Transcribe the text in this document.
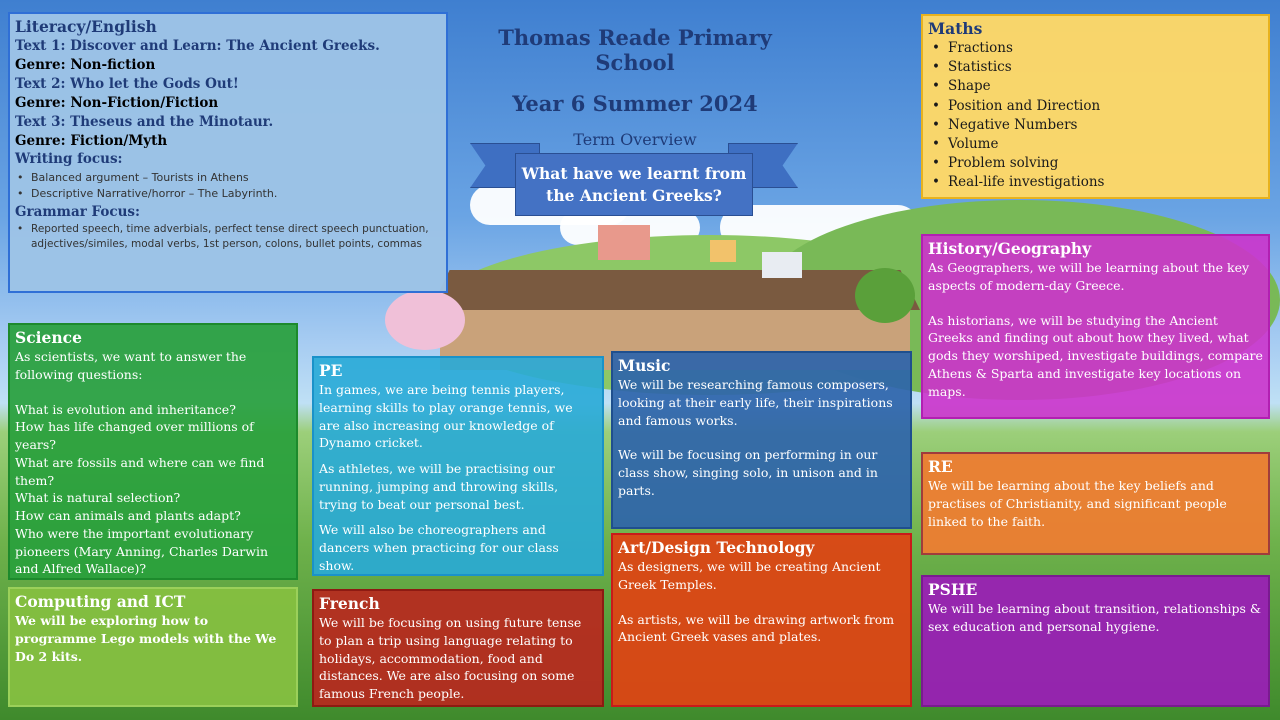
Thomas Reade Primary School
Year 6 Summer 2024
Term Overview
What have we learnt from the Ancient Greeks?
Literacy/English
Text 1: Discover and Learn: The Ancient Greeks.
Genre: Non-fiction
Text 2: Who let the Gods Out!
Genre: Non-Fiction/Fiction
Text 3: Theseus and the Minotaur.
Genre: Fiction/Myth
Writing focus:
• Balanced argument – Tourists in Athens
• Descriptive Narrative/horror – The Labyrinth.
Grammar Focus:
• Reported speech, time adverbials, perfect tense direct speech punctuation, adjectives/similes, modal verbs, 1st person, colons, bullet points, commas
Maths
• Fractions
• Statistics
• Shape
• Position and Direction
• Negative Numbers
• Volume
• Problem solving
• Real-life investigations
History/Geography

As Geographers, we will be learning about the key aspects of modern-day Greece.

As historians, we will be studying the Ancient Greeks and finding out about how they lived, what gods they worshiped, investigate buildings, compare Athens & Sparta and investigate key locations on maps.

RE

We will be learning about the key beliefs and practises of Christianity, and significant people linked to the faith.

PSHE

We will be learning about transition, relationships & sex education and personal hygiene.

Science

As scientists, we want to answer the following questions:

What is evolution and inheritance?

How has life changed over millions of years?

What are fossils and where can we find them?

What is natural selection?

How can animals and plants adapt?

Who were the important evolutionary pioneers (Mary Anning, Charles Darwin and Alfred Wallace)?

Computing and ICT

We will be exploring how to programme Lego models with the We Do 2 kits.

PE

In games, we are being tennis players, learning skills to play orange tennis, we are also increasing our knowledge of Dynamo cricket.

As athletes, we will be practising our running, jumping and throwing skills, trying to beat our personal best.

We will also be choreographers and dancers when practicing for our class show.

French

We will be focusing on using future tense to plan a trip using language relating to holidays, accommodation, food and distances. We are also focusing on some famous French people.

Music

We will be researching famous composers, looking at their early life, their inspirations and famous works.

We will be focusing on performing in our class show, singing solo, in unison and in parts.

Art/Design Technology

As designers, we will be creating Ancient Greek Temples.

As artists, we will be drawing artwork from Ancient Greek vases and plates.
